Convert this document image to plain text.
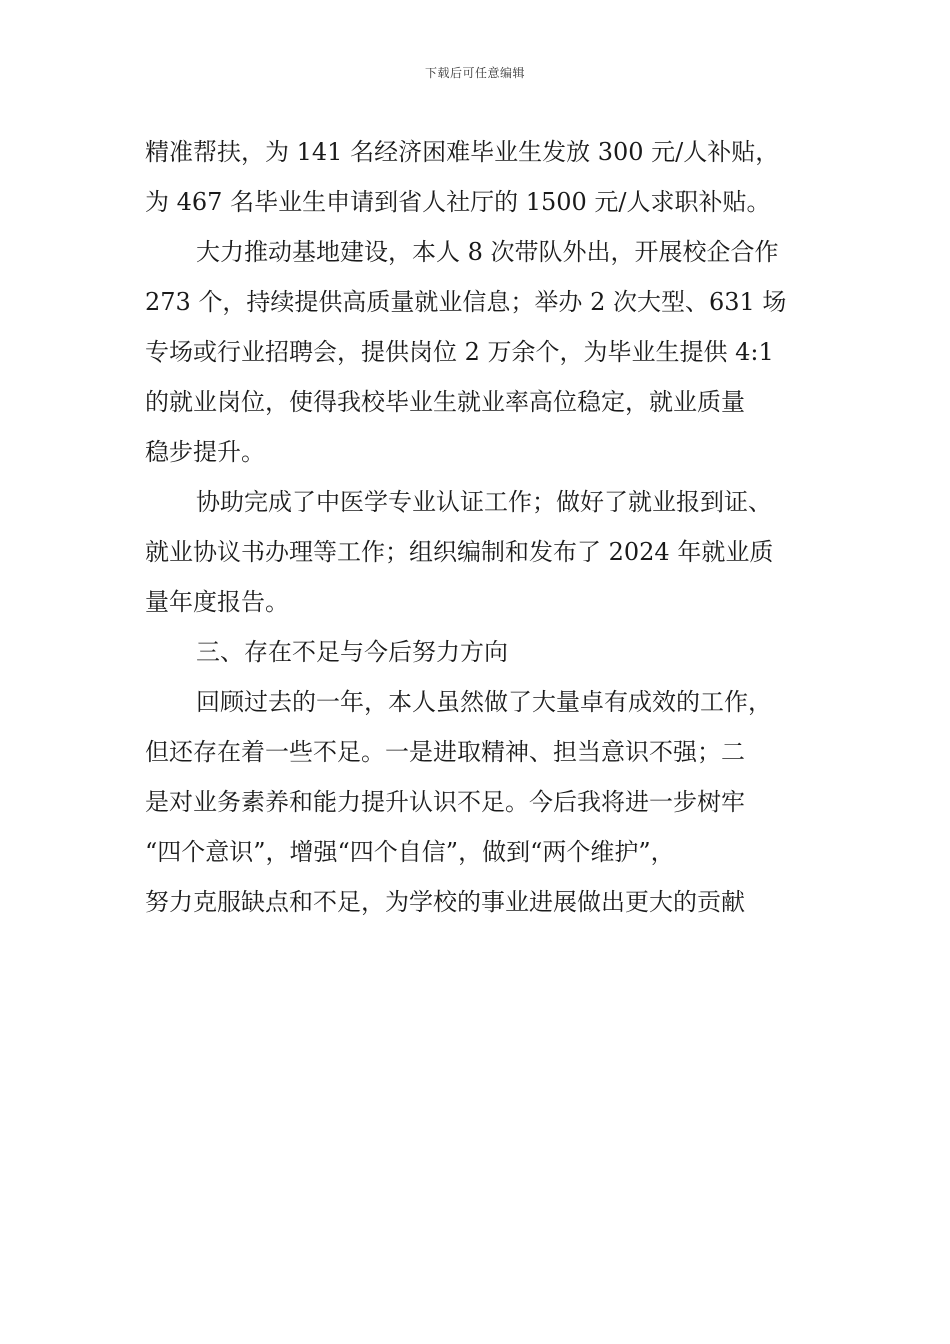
下载后可任意编辑
精准帮扶，为 141 名经济困难毕业生发放 300 元/人补贴，
为 467 名毕业生申请到省人社厅的 1500 元/人求职补贴。
大力推动基地建设，本人 8 次带队外出，开展校企合作
273 个，持续提供高质量就业信息；举办 2 次大型、631 场
专场或行业招聘会，提供岗位 2 万余个，为毕业生提供 4:1
的就业岗位，使得我校毕业生就业率高位稳定，就业质量
稳步提升。
协助完成了中医学专业认证工作；做好了就业报到证、
就业协议书办理等工作；组织编制和发布了 2024 年就业质
量年度报告。
三、存在不足与今后努力方向
回顾过去的一年，本人虽然做了大量卓有成效的工作，
但还存在着一些不足。一是进取精神、担当意识不强；二
是对业务素养和能力提升认识不足。今后我将进一步树牢
“四个意识”，增强“四个自信”，做到“两个维护”，
努力克服缺点和不足，为学校的事业进展做出更大的贡献
